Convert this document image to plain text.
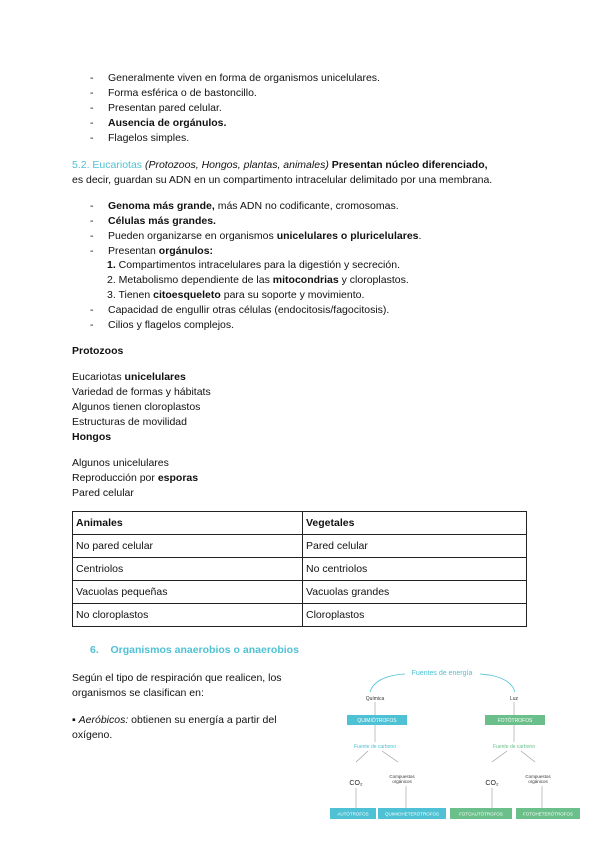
- Generalmente viven en forma de organismos unicelulares.
- Forma esférica o de bastoncillo.
- Presentan pared celular.
- Ausencia de orgánulos.
- Flagelos simples.
5.2. Eucariotas (Protozoos, Hongos, plantas, animales) Presentan núcleo diferenciado,
es decir, guardan su ADN en un compartimento intracelular delimitado por una membrana.
- Genoma más grande, más ADN no codificante, cromosomas.
- Células más grandes.
- Pueden organizarse en organismos unicelulares o pluricelulares.
- Presentan orgánulos:
1. Compartimentos intracelulares para la digestión y secreción.
2. Metabolismo dependiente de las mitocondrias y cloroplastos.
3. Tienen citoesqueleto para su soporte y movimiento.
- Capacidad de engullir otras células (endocitosis/fagocitosis).
- Cilios y flagelos complejos.
Protozoos
Eucariotas unicelulares
Variedad de formas y hábitats
Algunos tienen cloroplastos
Estructuras de movilidad
Hongos
Algunos unicelulares
Reproducción por esporas
Pared celular
Animales	Vegetales
No pared celular	Pared celular
Centriolos	No centriolos
Vacuolas pequeñas	Vacuolas grandes
No cloroplastos	Cloroplastos
6. Organismos anaerobios o anaerobios
Según el tipo de respiración que realicen, los
organismos se clasifican en:
▪ Aeróbicos: obtienen su energía a partir del
oxígeno.
Fuentes de energía
Química	Luz
QUIMIÓTROFOS	FOTÓTROFOS
Fuente de carbono	Fuente de carbono
CO₂	CO₂
Compuestos
orgánicos
Compuestos
orgánicos
AUTÓTROFOS	QUIMIOHETERÓTROFOS	FOTOAUTÓTROFOS	FOTOHETERÓTROFOS
